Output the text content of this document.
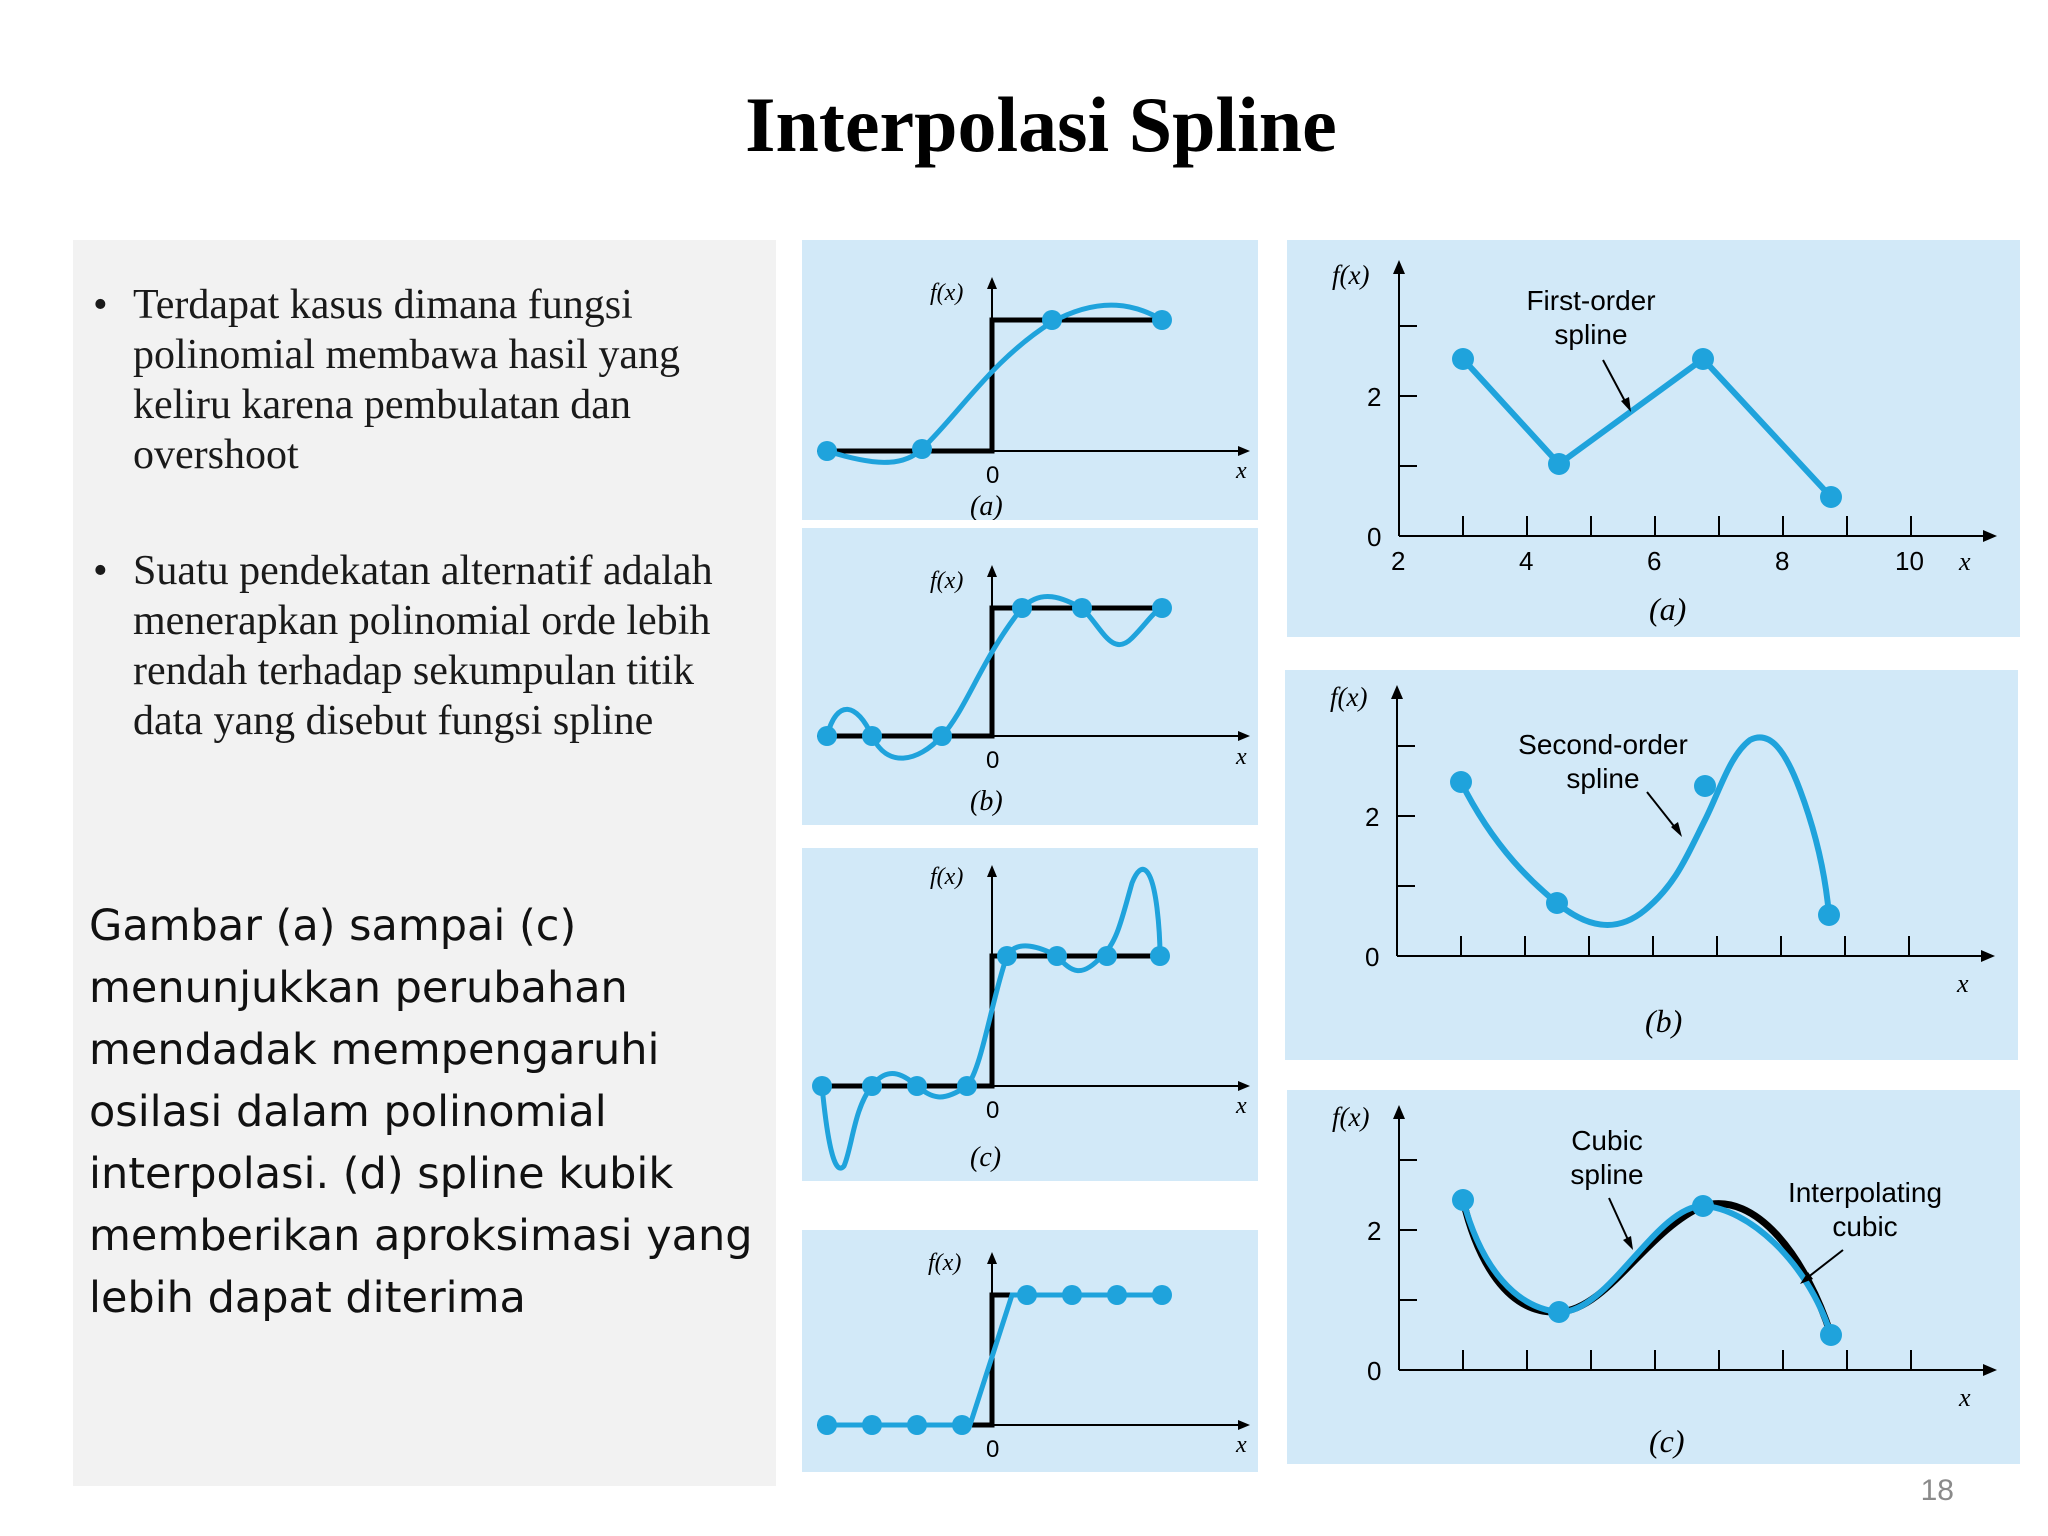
Interpolasi Spline
• Terdapat kasus dimana fungsi polinomial membawa hasil yang keliru karena pembulatan dan overshoot
• Suatu pendekatan alternatif adalah menerapkan polinomial orde lebih rendah terhadap sekumpulan titik data yang disebut fungsi spline
Gambar (a) sampai (c) menunjukkan perubahan mendadak mempengaruhi osilasi dalam polinomial interpolasi. (d) spline kubik memberikan aproksimasi yang lebih dapat diterima
f(x)
x
0
(a)
f(x)
x
0
(b)
f(x)
x
0
(c)
f(x)
x
0
f(x)
x
2
0
2	4	6	8	10
First-order
spline
(a)
f(x)
x
2
0
Second-order
spline
(b)
f(x)
x
2
0
Cubic
spline
Interpolating
cubic
(c)
18
